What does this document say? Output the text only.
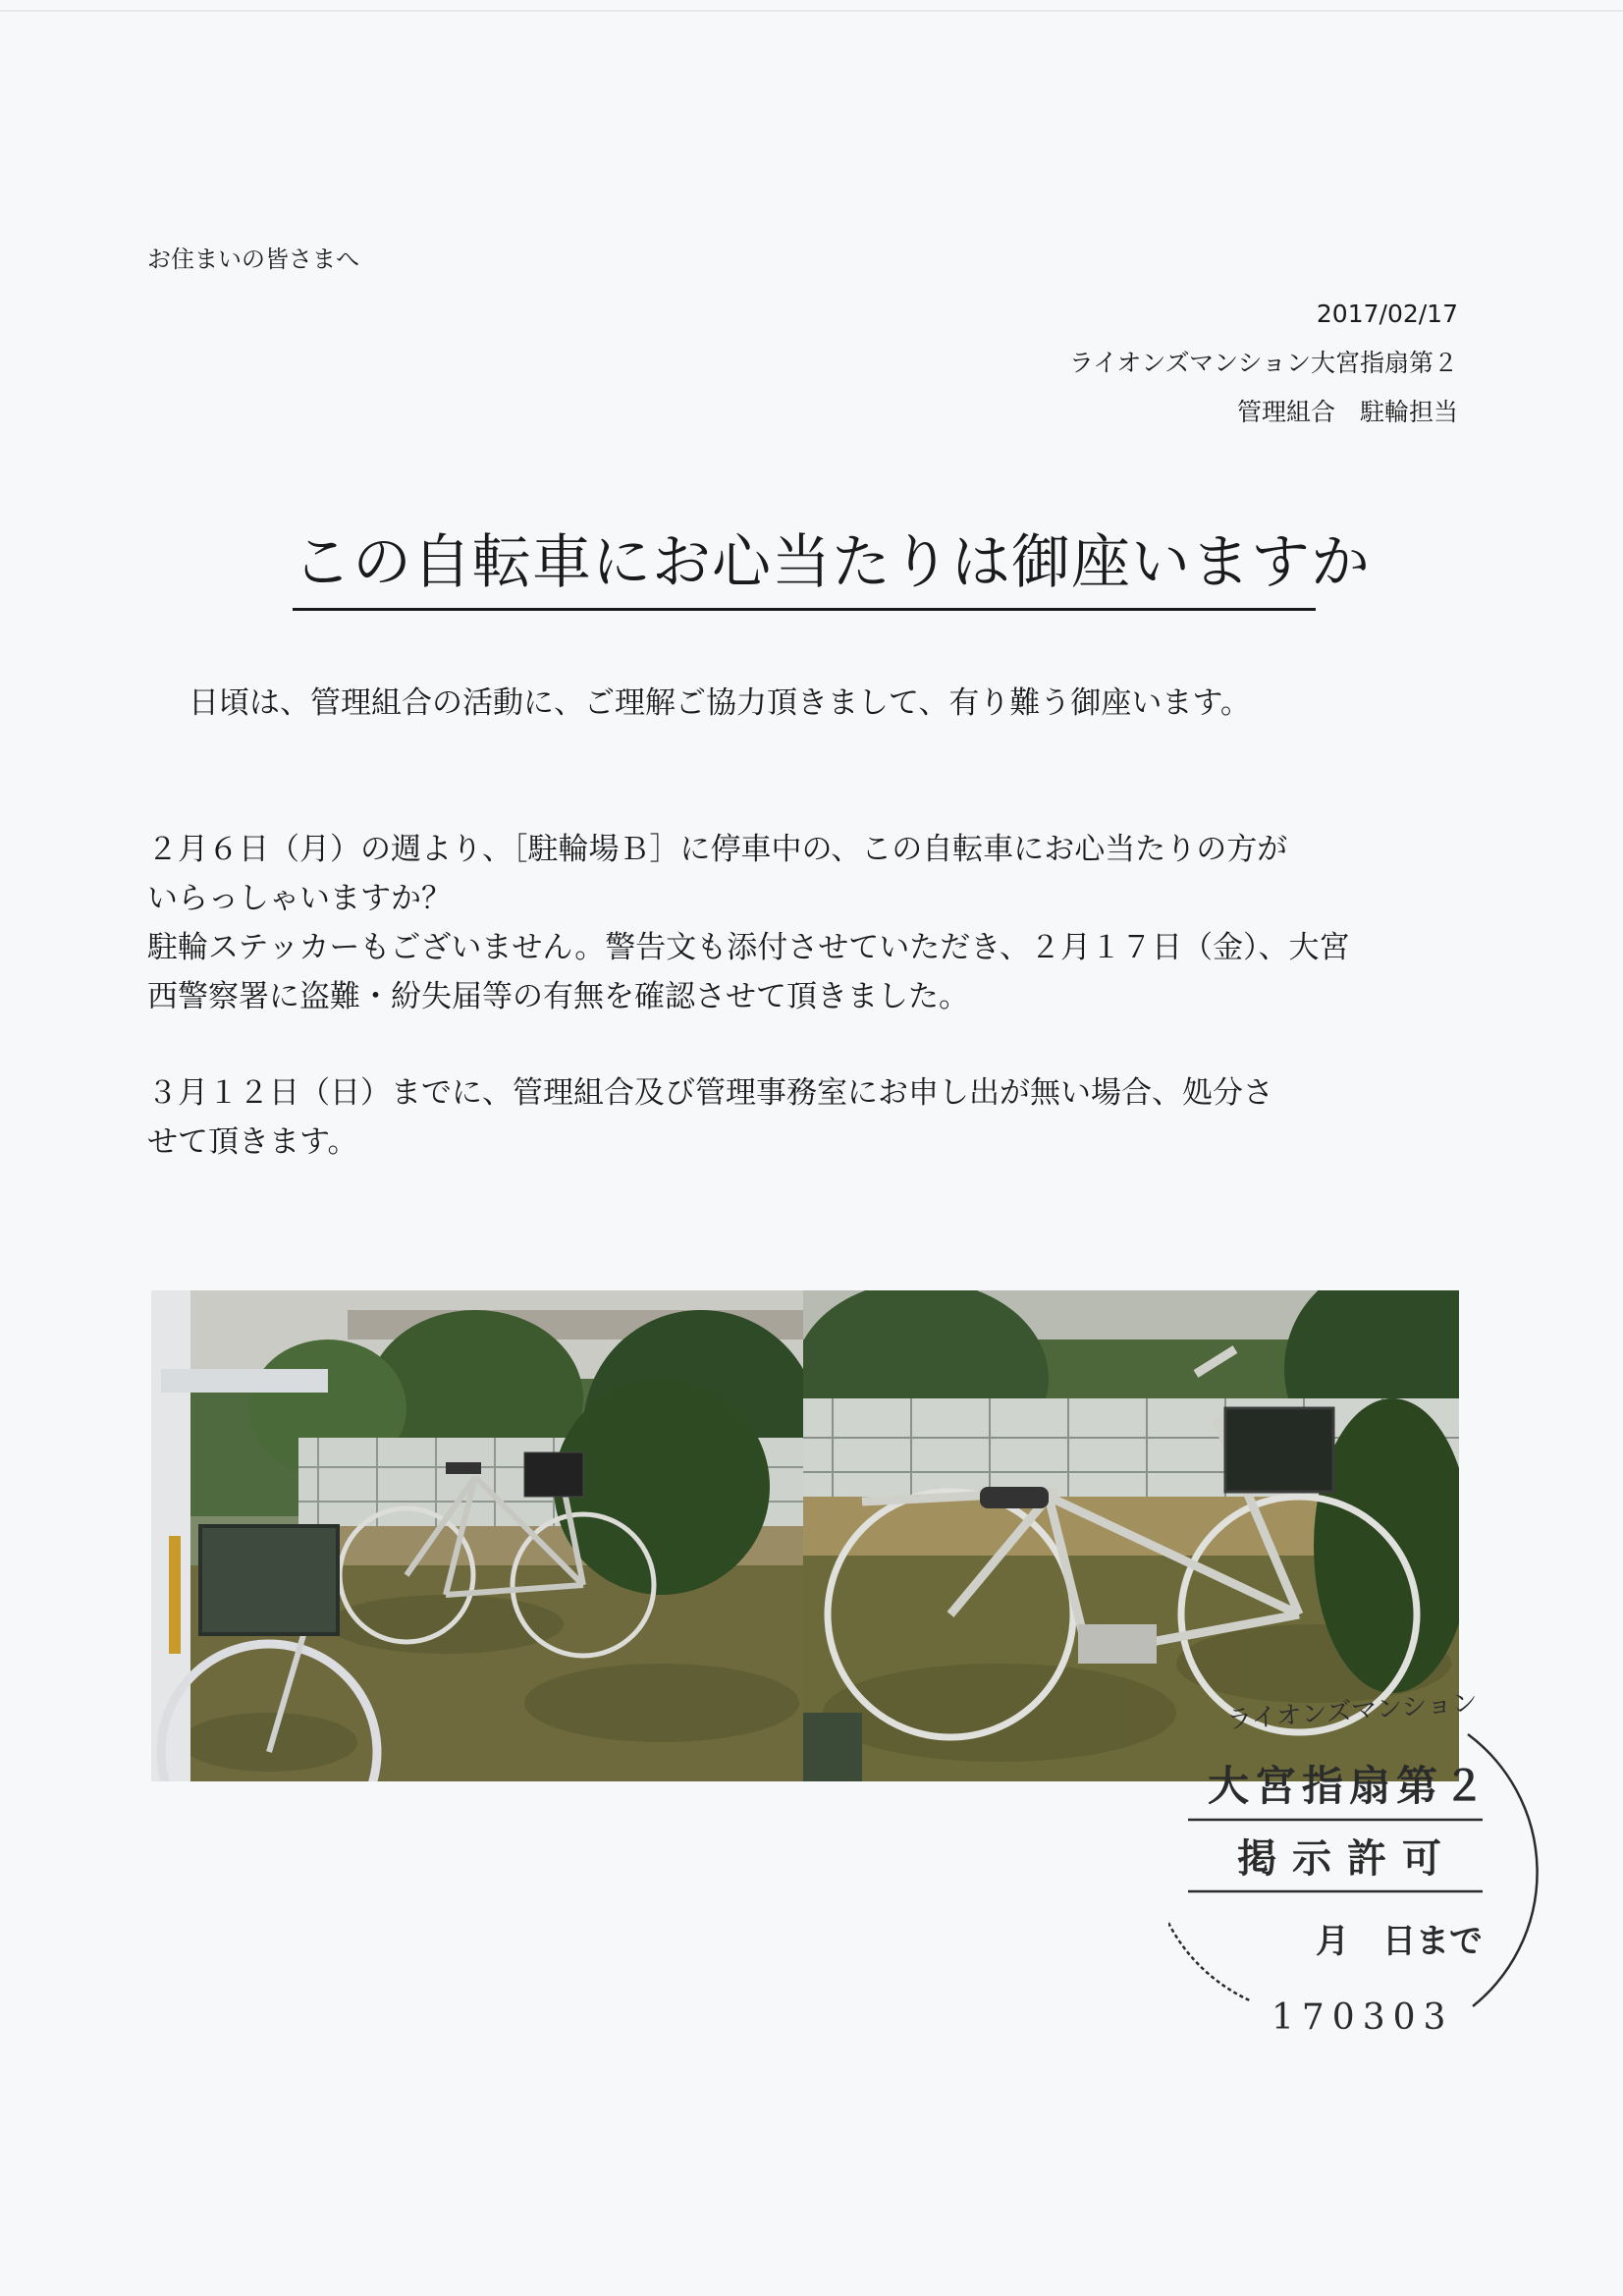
お住まいの皆さまへ
2017/02/17
ライオンズマンション大宮指扇第２
管理組合　駐輪担当
この自転車にお心当たりは御座いますか
日頃は、管理組合の活動に、ご理解ご協力頂きまして、有り難う御座います。
２月６日（月）の週より、［駐輪場Ｂ］に停車中の、この自転車にお心当たりの方が
いらっしゃいますか？
駐輪ステッカーもございません。警告文も添付させていただき、２月１７日（金）、大宮
西警察署に盗難・紛失届等の有無を確認させて頂きました。
３月１２日（日）までに、管理組合及び管理事務室にお申し出が無い場合、処分さ
せて頂きます。
ライオンズマンション
大宮指扇第２
掲示許可
月　日まで
170303
